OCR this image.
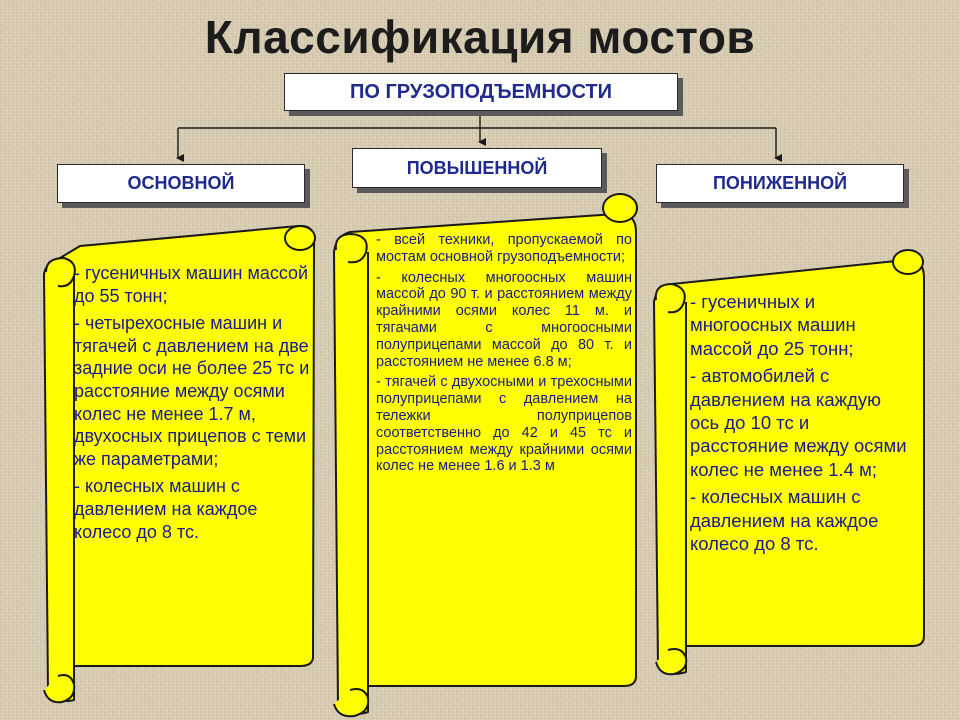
Классификация мостов
ПО ГРУЗОПОДЪЕМНОСТИ
ОСНОВНОЙ
ПОВЫШЕННОЙ
ПОНИЖЕННОЙ

- гусеничных машин массой до 55 тонн;

- четырехосные машин и тягачей с давлением на две задние оси не более 25 тс и расстояние между осями колес не менее 1.7 м, двухосных прицепов с теми же параметрами;

- колесных машин с давлением на каждое колесо до 8 тс.

- всей техники, пропускаемой по мостам основной грузоподъемности;

- колесных многоосных машин массой до 90 т. и расстоянием между крайними осями колес 11 м. и тягачами с многоосными полуприцепами массой до 80 т. и расстоянием не менее 6.8 м;

- тягачей с двухосными и трехосными полуприцепами с давлением на тележки полуприцепов соответственно до 42 и 45 тс и расстоянием между крайними осями колес не менее 1.6 и 1.3 м

- гусеничных и многоосных машин массой до 25 тонн;

- автомобилей с давлением на каждую ось до 10 тс и расстояние между осями колес не менее 1.4 м;

- колесных машин с давлением на каждое колесо до 8 тс.
